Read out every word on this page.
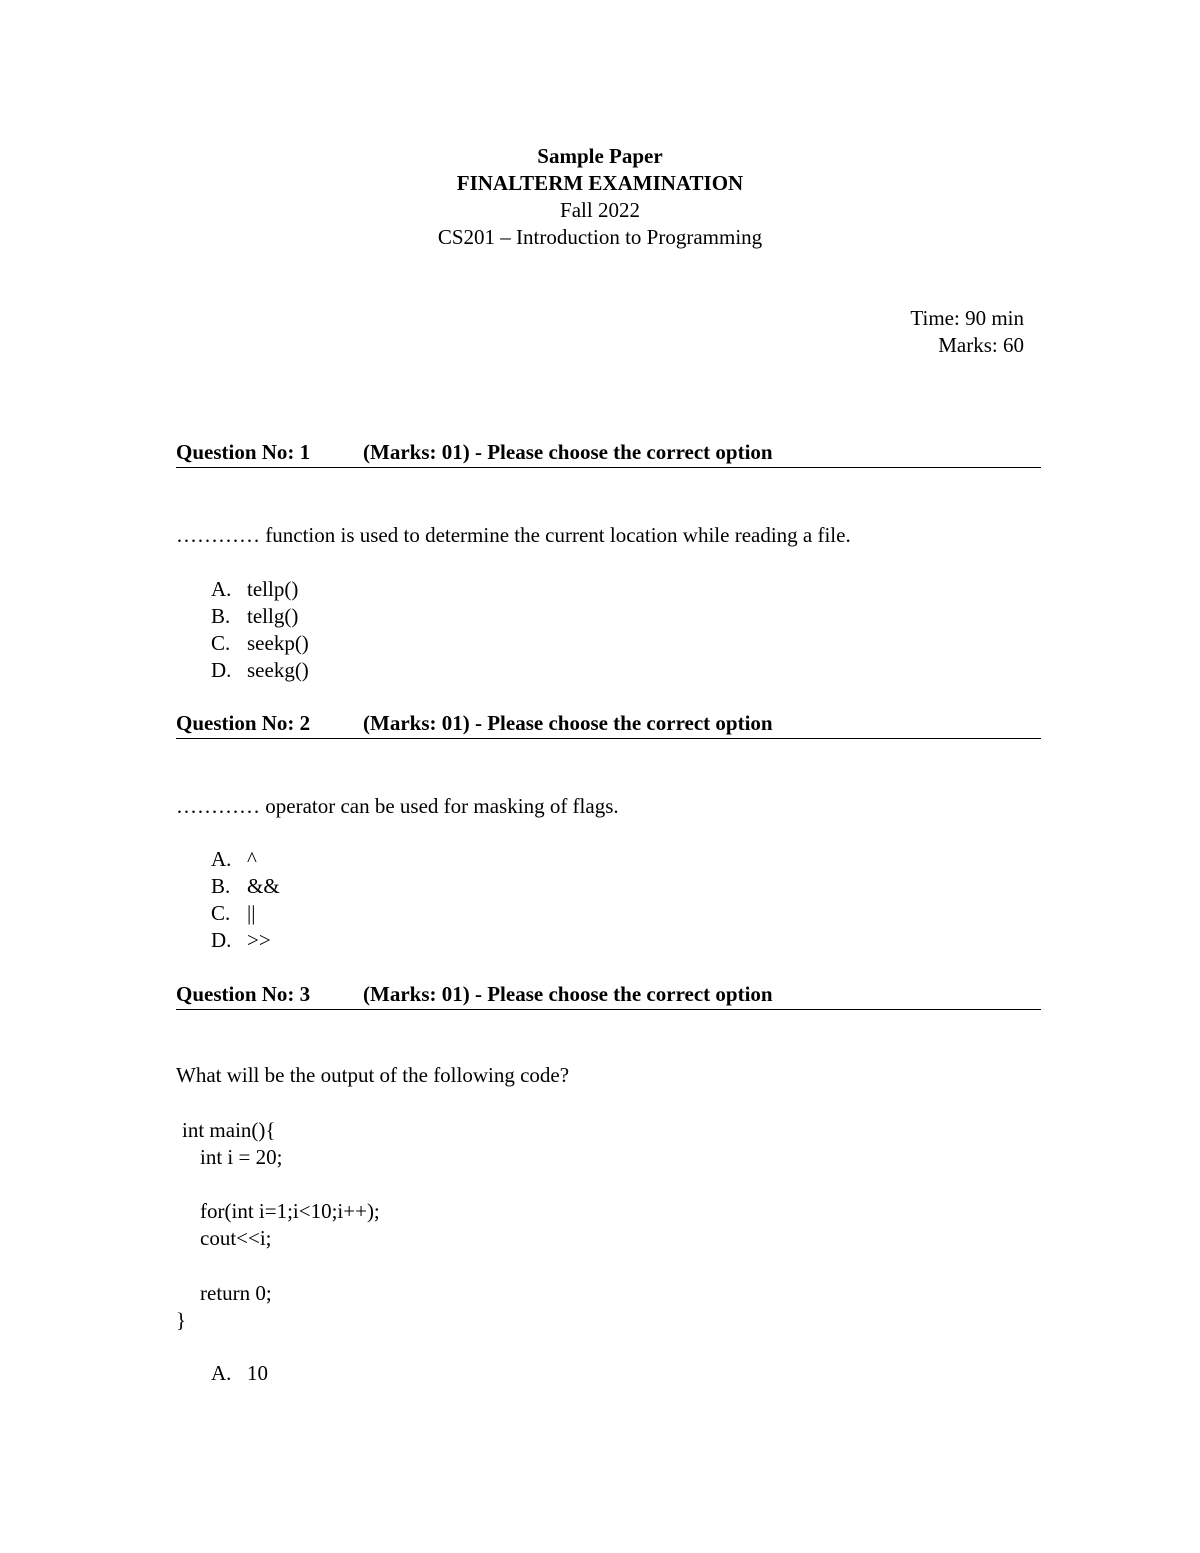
Sample Paper
FINALTERM EXAMINATION
Fall 2022
CS201 – Introduction to Programming
Time: 90 min
Marks: 60
Question No: 1	(Marks: 01) - Please choose the correct option
………… function is used to determine the current location while reading a file.
A. tellp()
B. tellg()
C. seekp()
D. seekg()
Question No: 2	(Marks: 01) - Please choose the correct option
………… operator can be used for masking of flags.
A. ^
B. &&
C. ||
D. >>
Question No: 3	(Marks: 01) - Please choose the correct option
What will be the output of the following code?
int main(){
int i = 20;
for(int i=1;i<10;i++);
cout<<i;
return 0;
}
A. 10
